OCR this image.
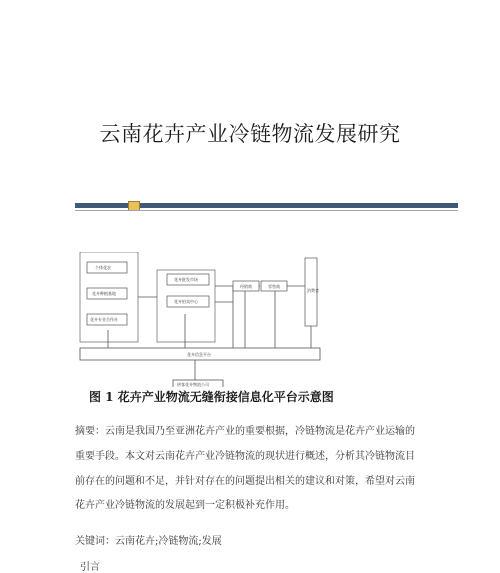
云南花卉产业冷链物流发展研究
个体花农
花卉种植基地
花卉专业合作社
花卉批发市场
花卉拍卖中心
经销商	零售商
消费者
花卉信息平台
拼客花卉物流公司
图 1 花卉产业物流无缝衔接信息化平台示意图
摘要：云南是我国乃至亚洲花卉产业的重要根据，冷链物流是花卉产业运输的
重要手段。本文对云南花卉产业冷链物流的现状进行概述，分析其冷链物流目
前存在的问题和不足，并针对存在的问题提出相关的建议和对策，希望对云南
花卉产业冷链物流的发展起到一定积极补充作用。
关键词：云南花卉;冷链物流;发展
引言
